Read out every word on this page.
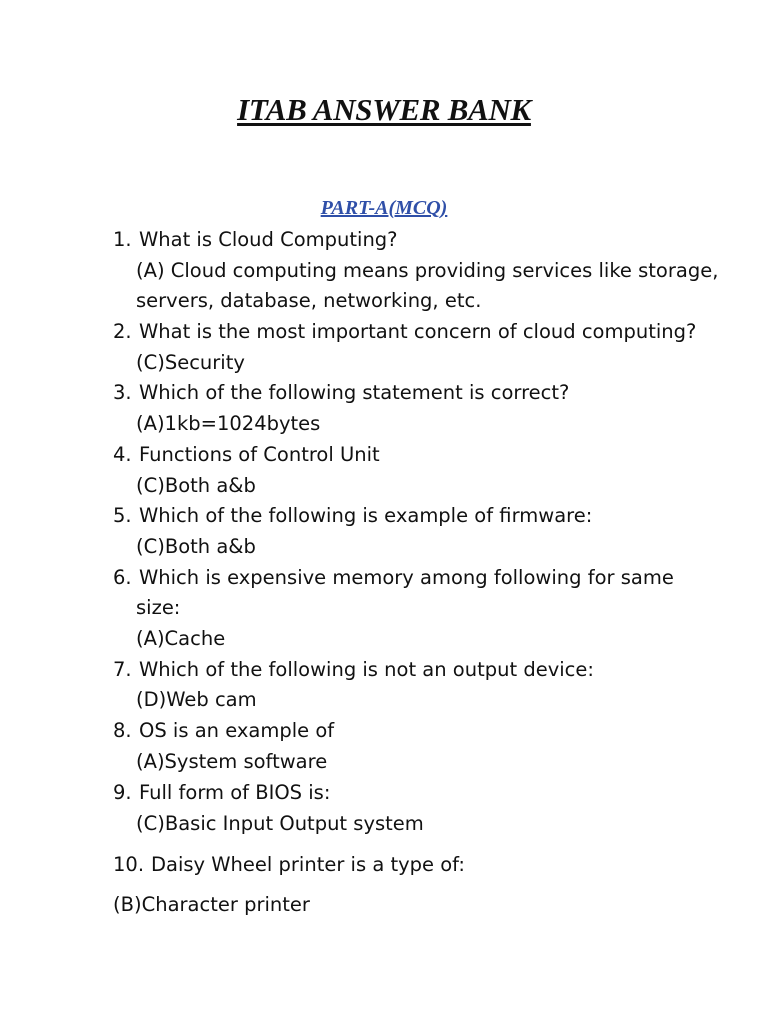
ITAB ANSWER BANK
PART-A(MCQ)
1. What is Cloud Computing?
(A) Cloud computing means providing services like storage,
servers, database, networking, etc.
2. What is the most important concern of cloud computing?
(C)Security
3. Which of the following statement is correct?
(A)1kb=1024bytes
4. Functions of Control Unit
(C)Both a&b
5. Which of the following is example of firmware:
(C)Both a&b
6. Which is expensive memory among following for same
size:
(A)Cache
7. Which of the following is not an output device:
(D)Web cam
8. OS is an example of
(A)System software
9. Full form of BIOS is:
(C)Basic Input Output system
10. Daisy Wheel printer is a type of:
(B)Character printer
